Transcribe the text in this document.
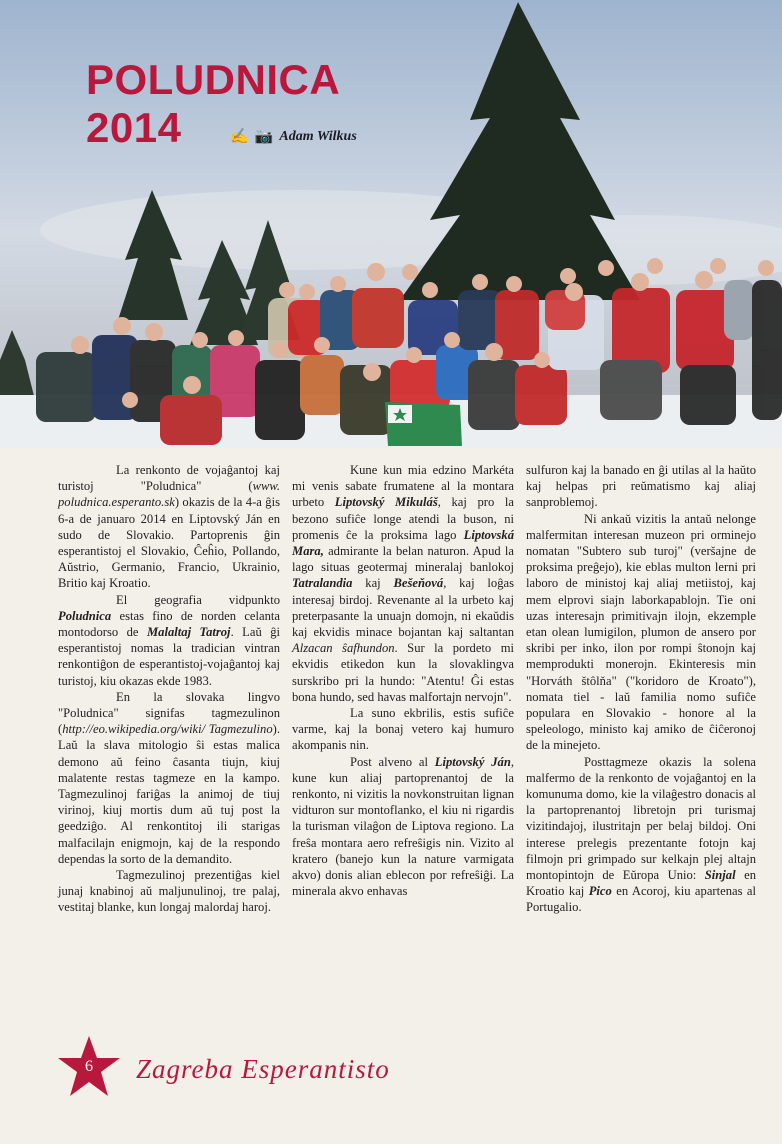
POLUDNICA
2014	✍ 📷 Adam Wilkus

La renkonto de vojaĝantoj kaj turistoj "Poludnica" (www. poludnica.esperanto.sk) okazis de la 4-a ĝis 6-a de januaro 2014 en Liptovský Ján en sudo de Slovakio. Partoprenis ĝin esperantistoj el Slovakio, Ĉeĥio, Pollando, Aŭstrio, Germanio, Francio, Ukrainio, Britio kaj Kroatio.

El geografia vidpunkto Poludnica estas fino de norden celanta montodorso de Malaltaj Tatroj. Laŭ ĝi esperantistoj nomas la tradician vintran renkontiĝon de esperantistoj-vojaĝantoj kaj turistoj, kiu okazas ekde 1983.

En la slovaka lingvo "Poludnica" signifas tagmezulinon (http://eo.wikipedia.org/wiki/ Tagmezulino). Laŭ la slava mitologio ŝi estas malica demono aŭ feino ĉasanta tiujn, kiuj malatente restas tagmeze en la kampo. Tagmezulinoj fariĝas la animoj de tiuj virinoj, kiuj mortis dum aŭ tuj post la geedziĝo. Al renkontitoj ili starigas malfacilajn enigmojn, kaj de la respondo dependas la sorto de la demandito.

Tagmezulinoj prezentiĝas kiel junaj knabinoj aŭ maljunulinoj, tre palaj, vestitaj blanke, kun longaj malordaj haroj.

Kune kun mia edzino Markéta mi venis sabate frumatene al la montara urbeto Liptovský Mikuláš, kaj pro la bezono sufiĉe longe atendi la buson, ni promenis ĉe la proksima lago Liptovská Mara, admirante la belan naturon. Apud la lago situas geotermaj mineralaj banlokoj Tatralandia kaj Bešeňová, kaj loĝas interesaj birdoj. Revenante al la urbeto kaj preterpasante la unuajn domojn, ni ekaŭdis kaj ekvidis minace bojantan kaj saltantan Alzacan ŝafhundon. Sur la pordeto mi ekvidis etikedon kun la slovaklingva surskribo pri la hundo: "Atentu! Ĝi estas bona hundo, sed havas malfortajn nervojn".

La suno ekbrilis, estis sufiĉe varme, kaj la bonaj vetero kaj humuro akompanis nin.

Post alveno al Liptovský Ján, kune kun aliaj partoprenantoj de la renkonto, ni vizitis la novkonstruitan lignan vidturon sur montoflanko, el kiu ni rigardis la turisman vilaĝon de Liptova regiono. La freŝa montara aero refreŝigis nin. Vizito al kratero (banejo kun la nature varmigata akvo) donis alian eblecon por refreŝiĝi. La minerala akvo enhavas

sulfuron kaj la banado en ĝi utilas al la haŭto kaj helpas pri reŭmatismo kaj aliaj sanproblemoj.

Ni ankaŭ vizitis la antaŭ nelonge malfermitan interesan muzeon pri orminejo nomatan "Subtero sub turoj" (veršajne de proksima preĝejo), kie eblas multon lerni pri laboro de ministoj kaj aliaj metiistoj, kaj mem elprovi siajn laborkapablojn. Tie oni uzas interesajn primitivajn ilojn, ekzemple etan olean lumigilon, plumon de ansero por skribi per inko, ilon por rompi ŝtonojn kaj memprodukti monerojn. Ekinteresis min "Horváth štôlňa" ("koridoro de Kroato"), nomata tiel - laŭ familia nomo sufiĉe populara en Slovakio - honore al la speleologo, ministo kaj amiko de ĉiĉeronoj de la minejeto.

Posttagmeze okazis la solena malfermo de la renkonto de vojaĝantoj en la komunuma domo, kie la vilaĝestro donacis al la partoprenantoj libretojn pri turismaj vizitindajoj, ilustritajn per belaj bildoj. Oni interese prelegis prezentante fotojn kaj filmojn pri grimpado sur kelkajn plej altajn montopintojn de Eŭropa Unio: Sinjal en Kroatio kaj Pico en Acoroj, kiu apartenas al Portugalio.

6 Zagreba Esperantisto
